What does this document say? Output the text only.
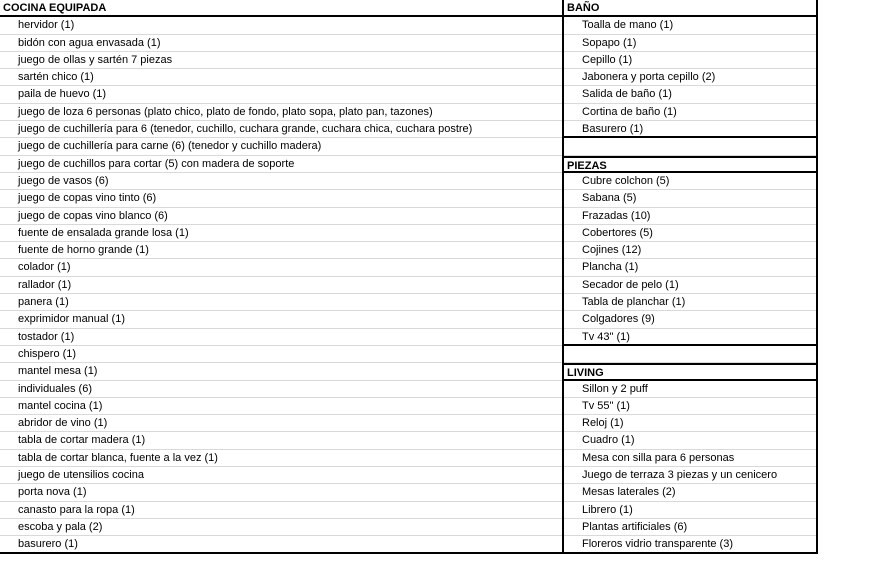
COCINA EQUIPADA
hervidor (1)
bidón con agua envasada (1)
juego de ollas y sartén 7 piezas
sartén chico (1)
paila de huevo (1)
juego de loza 6 personas (plato chico, plato de fondo, plato sopa, plato pan, tazones)
juego de cuchillería para 6 (tenedor, cuchillo, cuchara grande, cuchara chica, cuchara postre)
juego de cuchillería para carne (6) (tenedor y cuchillo madera)
juego de cuchillos para cortar (5) con madera de soporte
juego de vasos (6)
juego de copas vino tinto (6)
juego de copas vino blanco (6)
fuente de ensalada grande losa (1)
fuente de horno grande (1)
colador (1)
rallador (1)
panera (1)
exprimidor manual (1)
tostador (1)
chispero (1)
mantel mesa (1)
individuales (6)
mantel cocina (1)
abridor de vino (1)
tabla de cortar madera (1)
tabla de cortar blanca, fuente a la vez (1)
juego de utensilios cocina
porta nova (1)
canasto para la ropa (1)
escoba y pala (2)
basurero (1)
BAÑO
Toalla de mano (1)
Sopapo (1)
Cepillo (1)
Jabonera y porta cepillo (2)
Salida de baño (1)
Cortina de baño (1)
Basurero (1)
PIEZAS
Cubre colchon (5)
Sabana (5)
Frazadas (10)
Cobertores (5)
Cojines (12)
Plancha (1)
Secador de pelo (1)
Tabla de planchar (1)
Colgadores (9)
Tv 43" (1)
LIVING
Sillon y 2 puff
Tv 55" (1)
Reloj (1)
Cuadro (1)
Mesa con silla para 6 personas
Juego de terraza 3 piezas y un cenicero
Mesas laterales (2)
Librero (1)
Plantas artificiales (6)
Floreros vidrio transparente (3)
